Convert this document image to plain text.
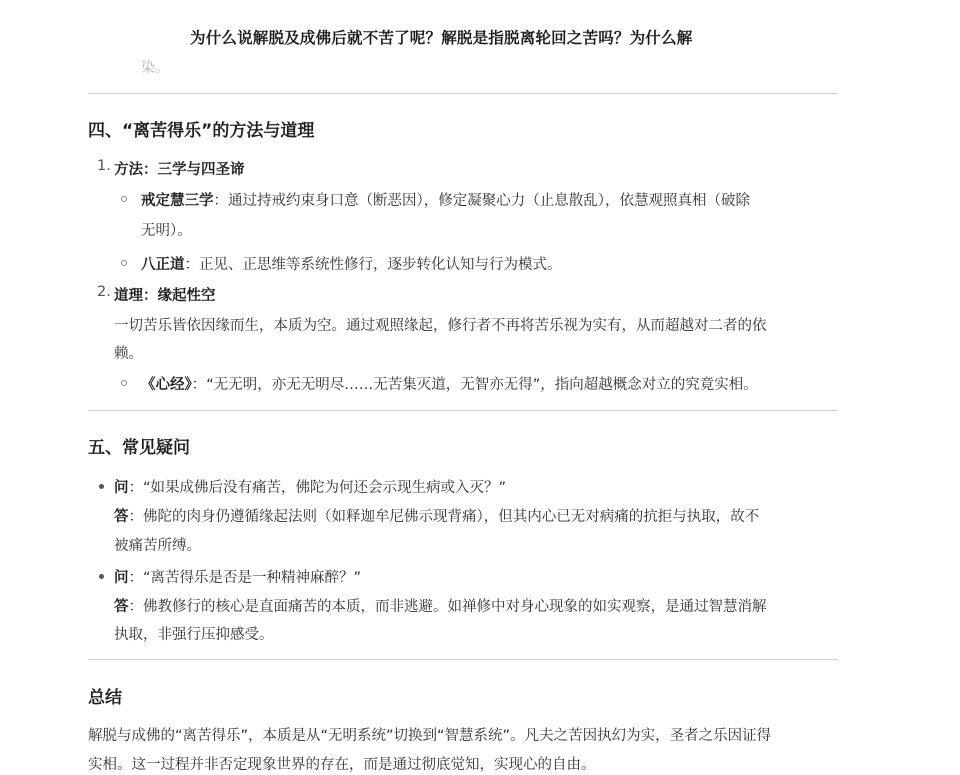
为什么说解脱及成佛后就不苦了呢？解脱是指脱离轮回之苦吗？为什么解
染。
四、“离苦得乐”的方法与道理
1. 方法：三学与四圣谛
戒定慧三学：通过持戒约束身口意（断恶因），修定凝聚心力（止息散乱），依慧观照真相（破除
无明）。
八正道：正见、正思维等系统性修行，逐步转化认知与行为模式。
2. 道理：缘起性空
一切苦乐皆依因缘而生，本质为空。通过观照缘起，修行者不再将苦乐视为实有，从而超越对二者的依
赖。
《心经》：“无无明，亦无无明尽……无苦集灭道，无智亦无得”，指向超越概念对立的究竟实相。
五、常见疑问
问：“如果成佛后没有痛苦，佛陀为何还会示现生病或入灭？”
答：佛陀的肉身仍遵循缘起法则（如释迦牟尼佛示现背痛），但其内心已无对病痛的抗拒与执取，故不
被痛苦所缚。
问：“离苦得乐是否是一种精神麻醉？”
答：佛教修行的核心是直面痛苦的本质，而非逃避。如禅修中对身心现象的如实观察，是通过智慧消解
执取，非强行压抑感受。
总结
解脱与成佛的“离苦得乐”，本质是从“无明系统”切换到“智慧系统”。凡夫之苦因执幻为实，圣者之乐因证得
实相。这一过程并非否定现象世界的存在，而是通过彻底觉知，实现心的自由。
